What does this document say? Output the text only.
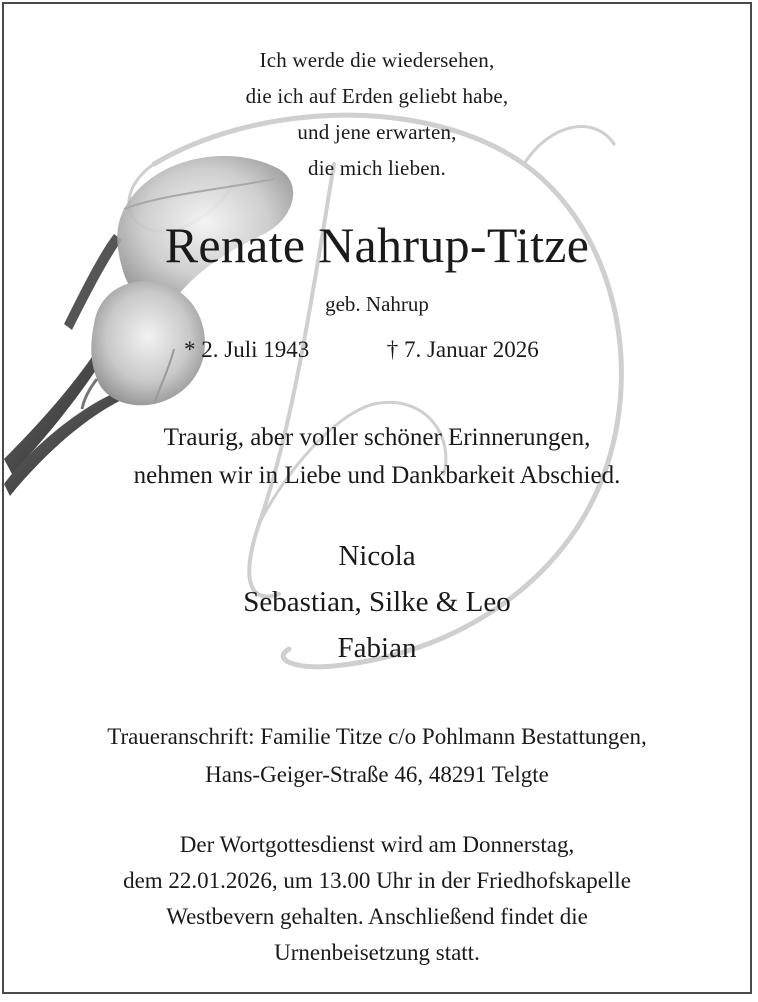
Ich werde die wiedersehen,
die ich auf Erden geliebt habe,
und jene erwarten,
die mich lieben.
Renate Nahrup-Titze
geb. Nahrup
* 2. Juli 1943	† 7. Januar 2026
Traurig, aber voller schöner Erinnerungen,
nehmen wir in Liebe und Dankbarkeit Abschied.
Nicola
Sebastian, Silke & Leo
Fabian
Traueranschrift: Familie Titze c/o Pohlmann Bestattungen,
Hans-Geiger-Straße 46, 48291 Telgte
Der Wortgottesdienst wird am Donnerstag,
dem 22.01.2026, um 13.00 Uhr in der Friedhofskapelle
Westbevern gehalten. Anschließend findet die
Urnenbeisetzung statt.
